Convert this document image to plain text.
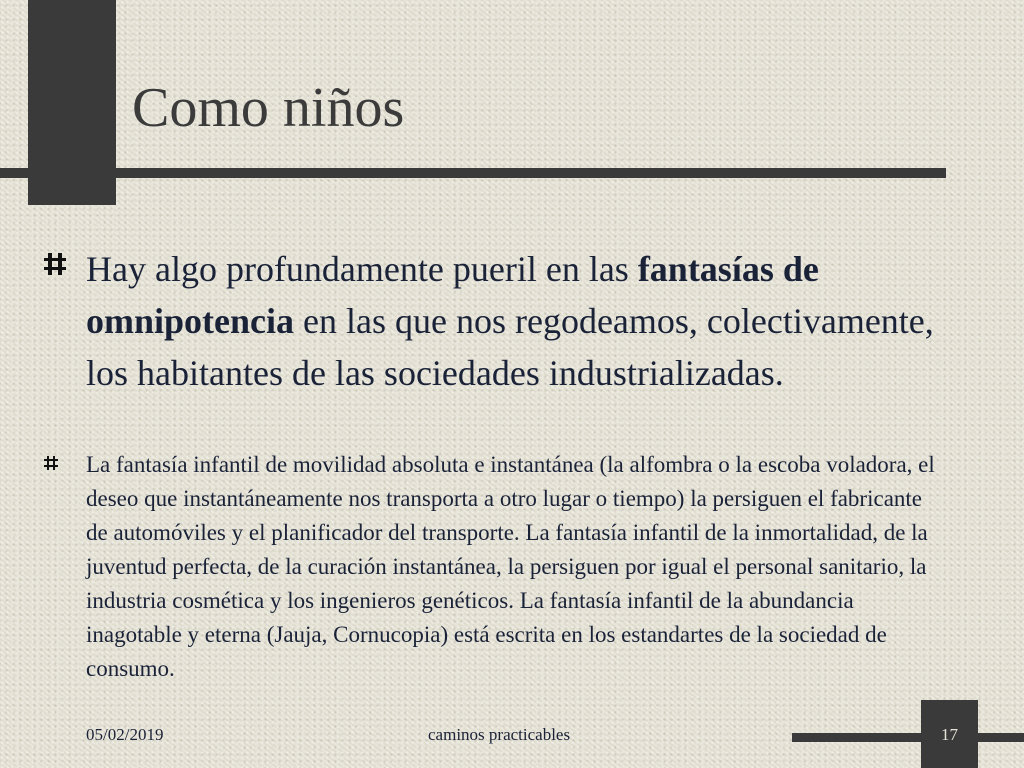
Como niños
Hay algo profundamente pueril en las fantasías de omnipotencia en las que nos regodeamos, colectivamente, los habitantes de las sociedades industrializadas.
La fantasía infantil de movilidad absoluta e instantánea (la alfombra o la escoba voladora, el deseo que instantáneamente nos transporta a otro lugar o tiempo) la persiguen el fabricante de automóviles y el planificador del transporte. La fantasía infantil de la inmortalidad, de la juventud perfecta, de la curación instantánea, la persiguen por igual el personal sanitario, la industria cosmética y los ingenieros genéticos. La fantasía infantil de la abundancia inagotable y eterna (Jauja, Cornucopia) está escrita en los estandartes de la sociedad de consumo.
05/02/2019	caminos practicables	17
